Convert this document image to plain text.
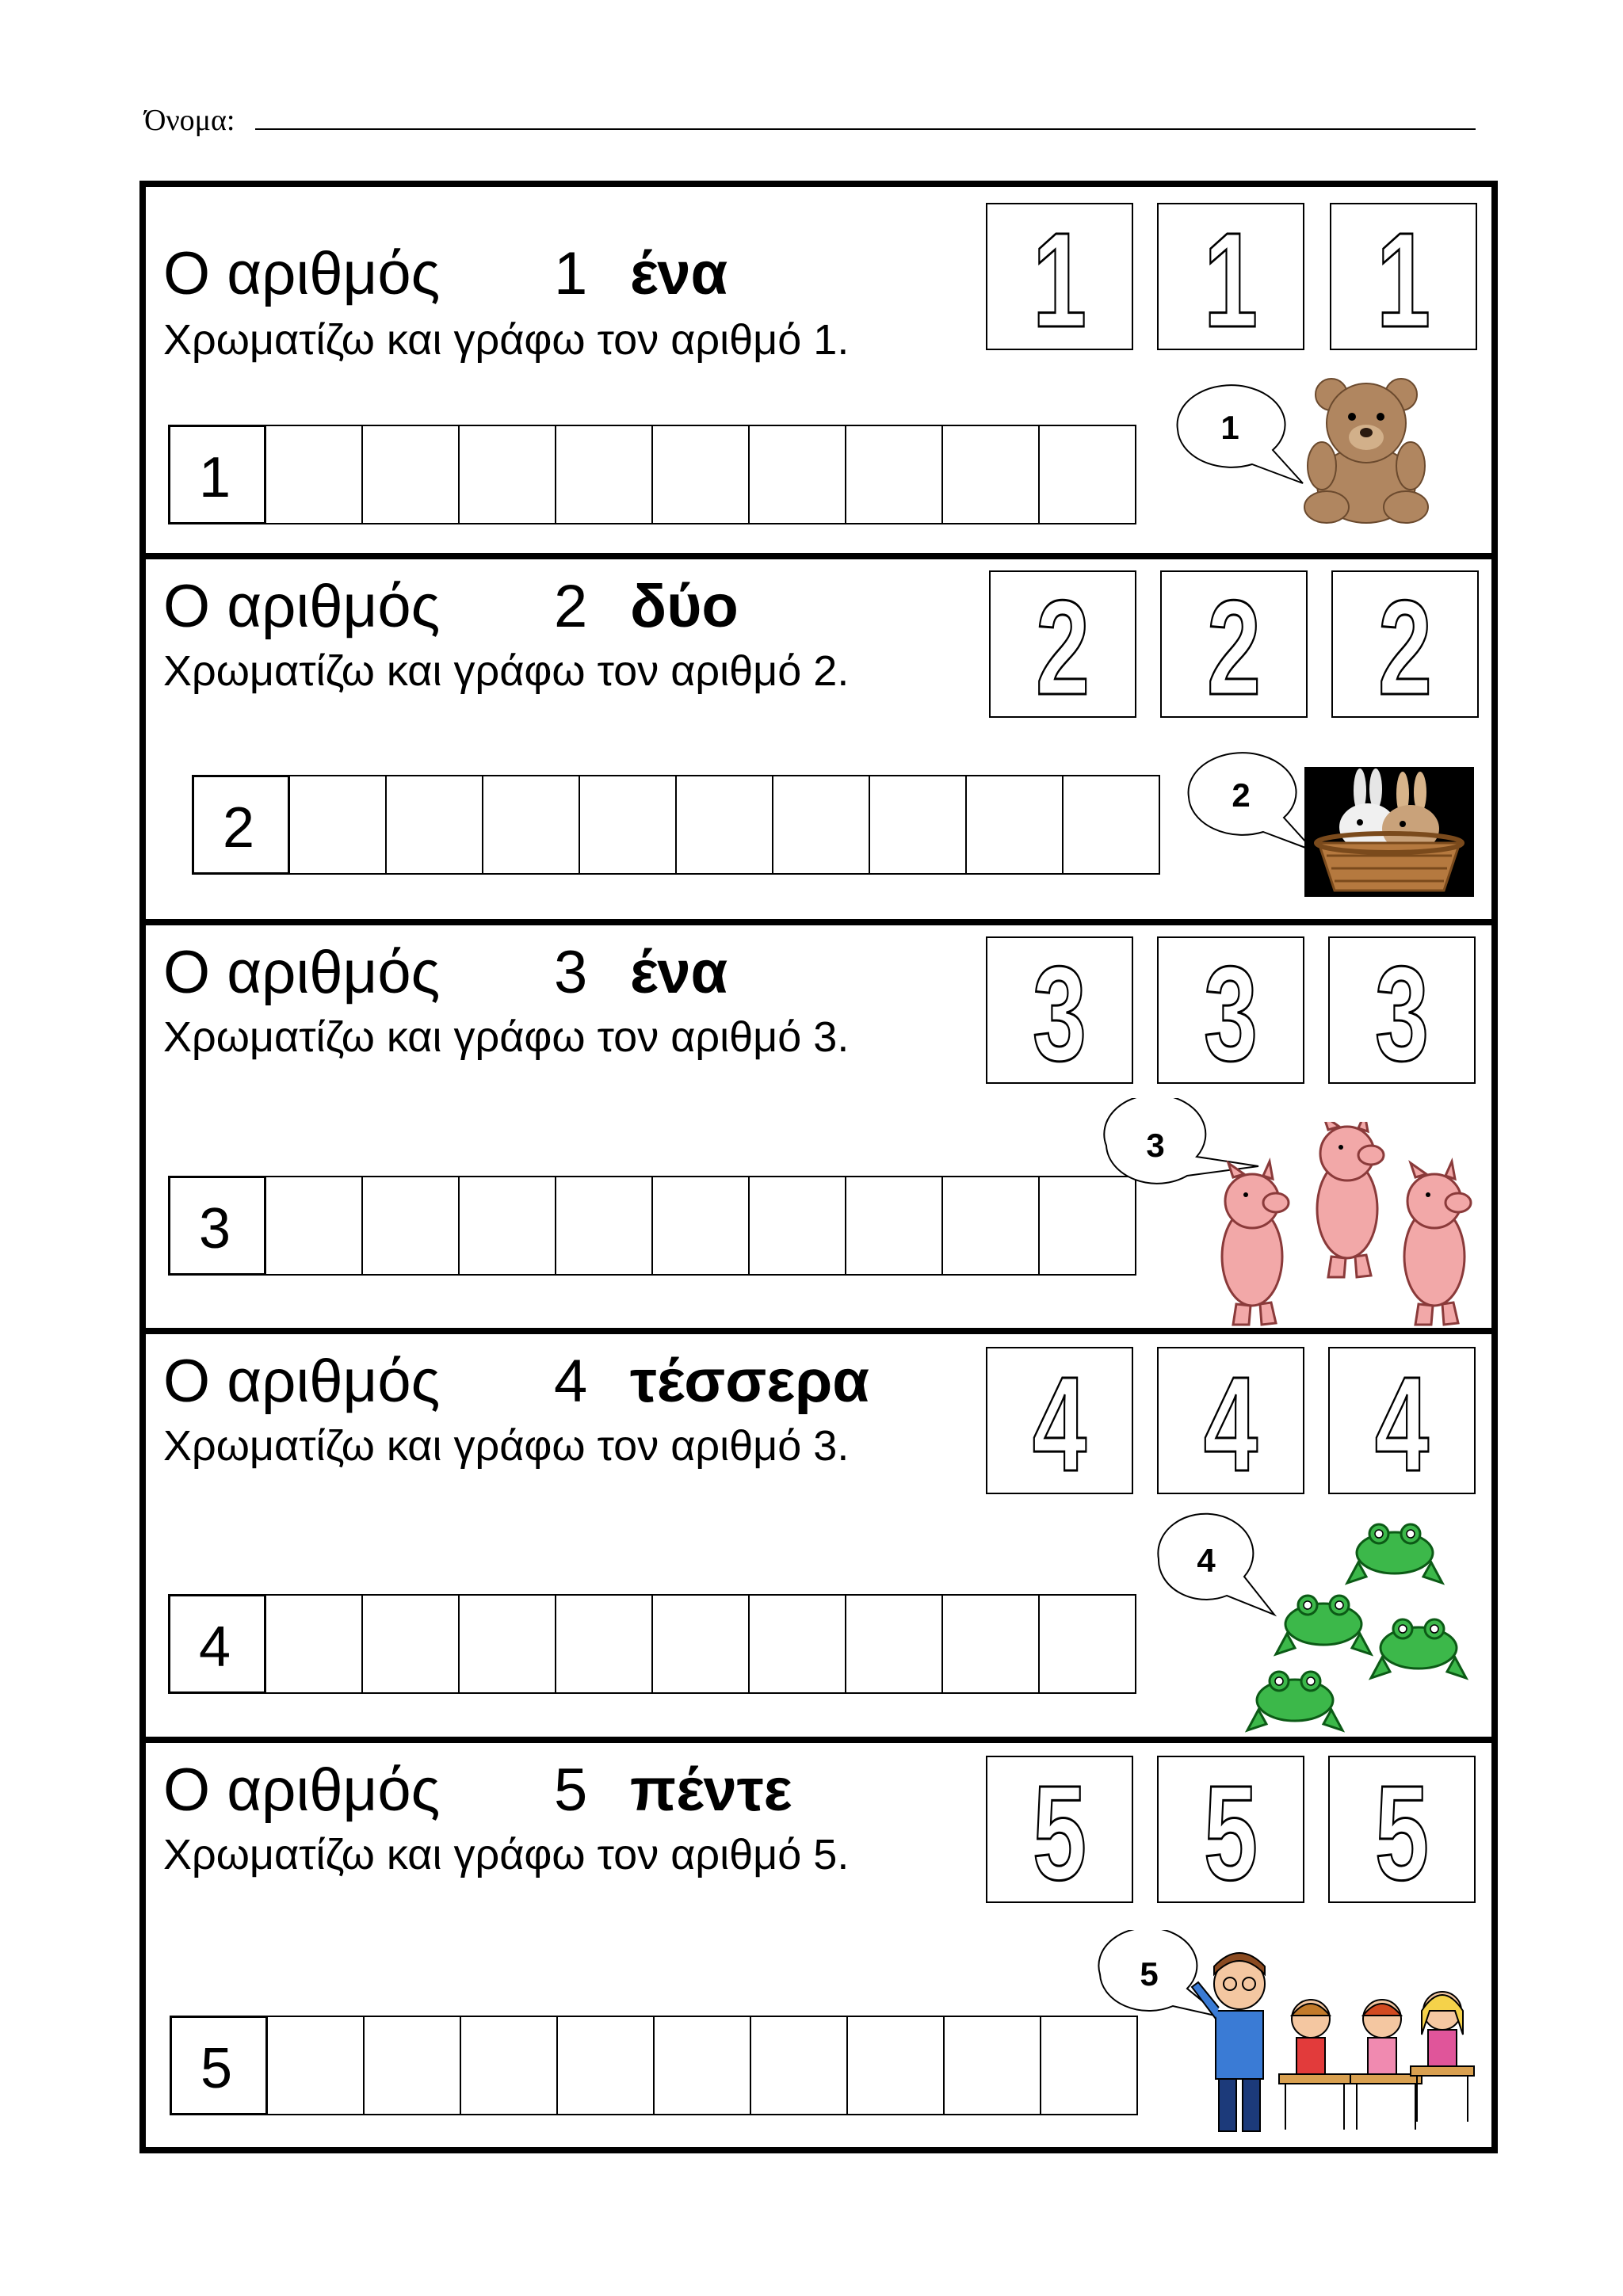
Όνομα:
Ο αριθμός 1 ένα
Χρωματίζω και γράφω τον αριθμό 1. 1 1 1
1
1
Ο αριθμός 2 δύο
Χρωματίζω και γράφω τον αριθμό 2. 2 2 2
2
2
Ο αριθμός 3 ένα
Χρωματίζω και γράφω τον αριθμό 3. 3 3 3
3
3
Ο αριθμός 4 τέσσερα
Χρωματίζω και γράφω τον αριθμό 3. 4 4 4
4
4
Ο αριθμός 5 πέντε
Χρωματίζω και γράφω τον αριθμό 5. 5 5 5
5
5
